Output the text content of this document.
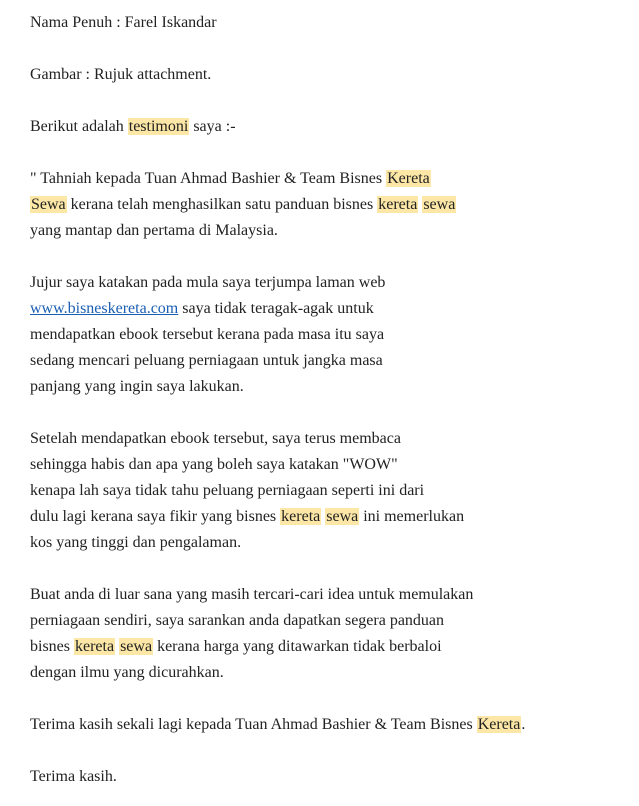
Nama Penuh : Farel Iskandar
Gambar : Rujuk attachment.
Berikut adalah testimoni saya :-
" Tahniah kepada Tuan Ahmad Bashier & Team Bisnes Kereta
Sewa kerana telah menghasilkan satu panduan bisnes kereta sewa
yang mantap dan pertama di Malaysia.
Jujur saya katakan pada mula saya terjumpa laman web
www.bisneskereta.com saya tidak teragak-agak untuk
mendapatkan ebook tersebut kerana pada masa itu saya
sedang mencari peluang perniagaan untuk jangka masa
panjang yang ingin saya lakukan.
Setelah mendapatkan ebook tersebut, saya terus membaca
sehingga habis dan apa yang boleh saya katakan "WOW"
kenapa lah saya tidak tahu peluang perniagaan seperti ini dari
dulu lagi kerana saya fikir yang bisnes kereta sewa ini memerlukan
kos yang tinggi dan pengalaman.
Buat anda di luar sana yang masih tercari-cari idea untuk memulakan
perniagaan sendiri, saya sarankan anda dapatkan segera panduan
bisnes kereta sewa kerana harga yang ditawarkan tidak berbaloi
dengan ilmu yang dicurahkan.
Terima kasih sekali lagi kepada Tuan Ahmad Bashier & Team Bisnes Kereta.
Terima kasih.
